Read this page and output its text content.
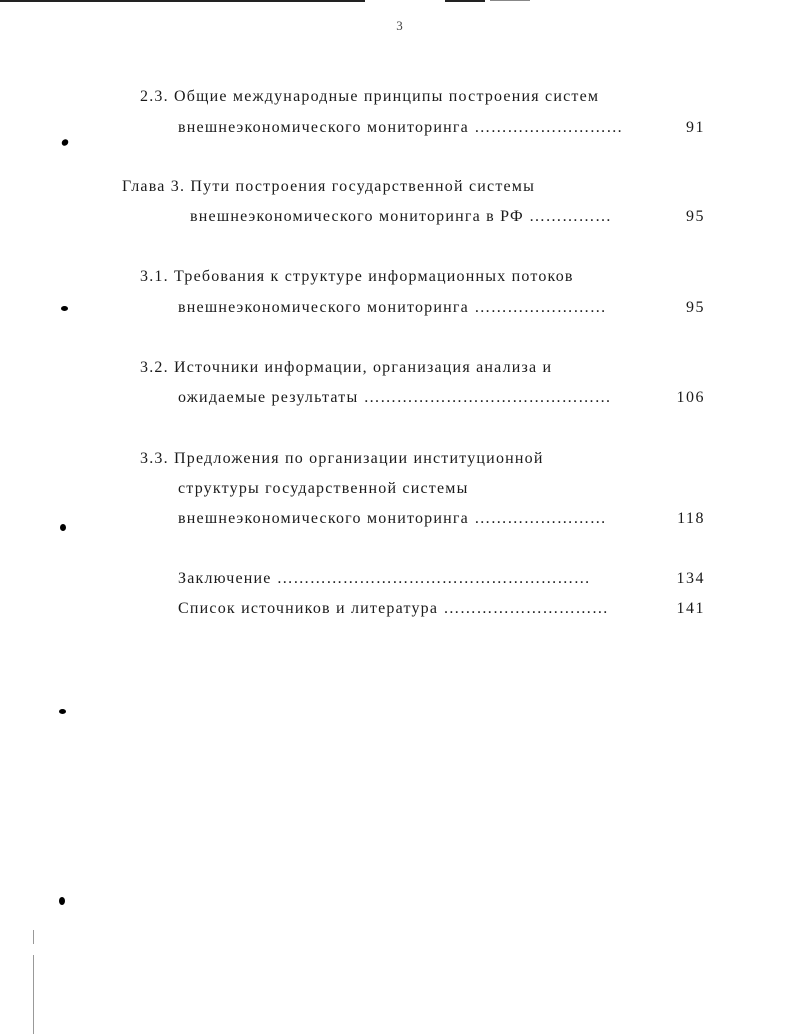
3
2.3. Общие международные принципы построения систем
внешнеэкономического мониторинга ………………………	91
Глава 3. Пути построения государственной системы
внешнеэкономического мониторинга в РФ ……………	95
3.1. Требования к структуре информационных потоков
внешнеэкономического мониторинга ……………………	95
3.2. Источники информации, организация анализа и
ожидаемые результаты ………………………………………	106
3.3. Предложения по организации институционной
структуры государственной системы
внешнеэкономического мониторинга ……………………	118
Заключение …………………………………………………	134
Список источников и литература …………………………	141
